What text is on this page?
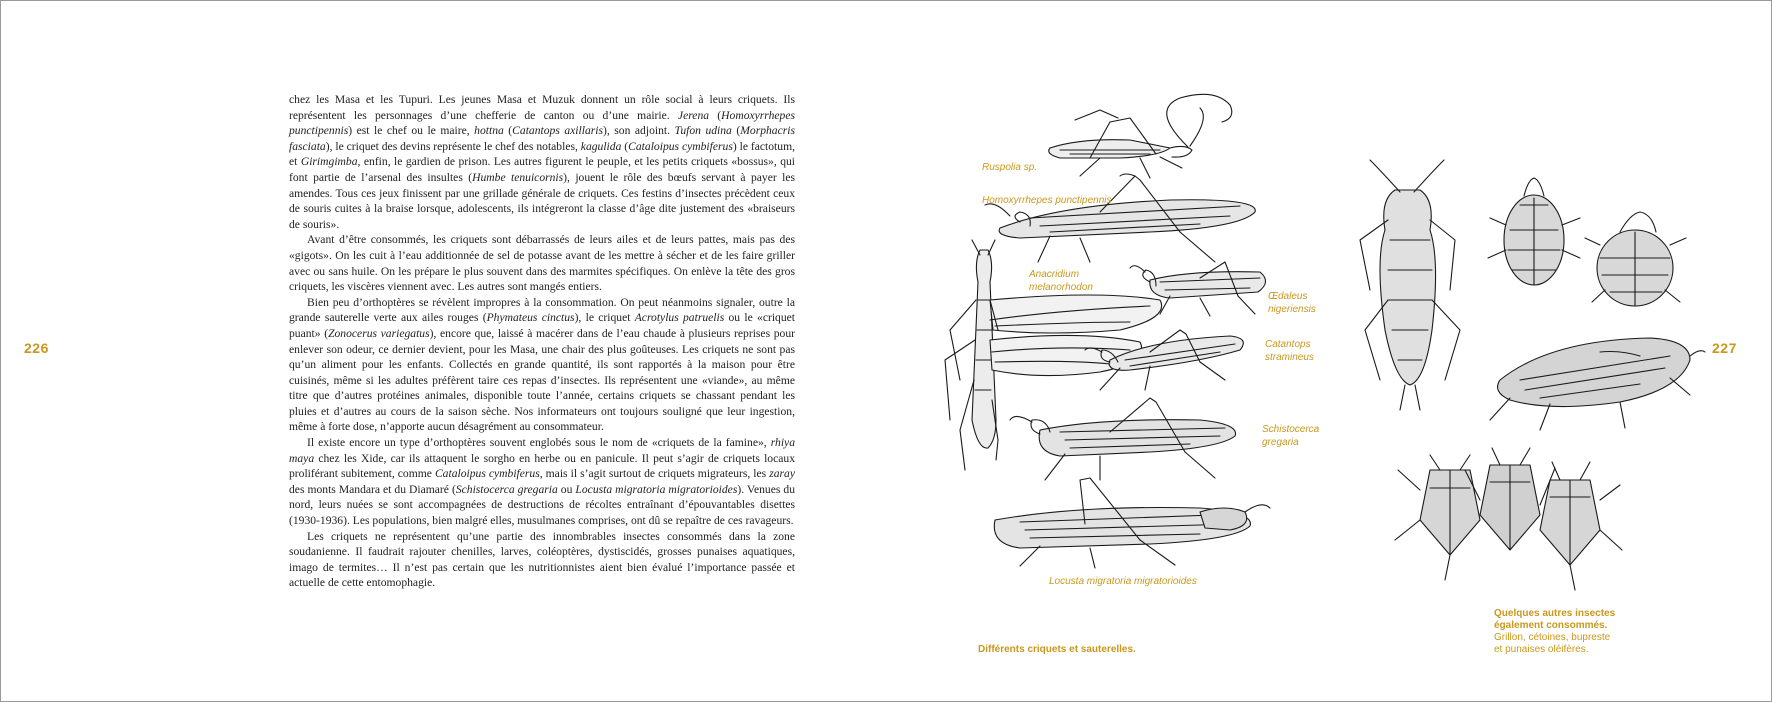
226	227

chez les Masa et les Tupuri. Les jeunes Masa et Muzuk donnent un rôle social à leurs criquets. Ils représentent les personnages d’une chefferie de canton ou d’une mairie. Jerena (Homoxyrrhepes punctipennis) est le chef ou le maire, hottna (Catantops axillaris), son adjoint. Tufon udina (Morphacris fasciata), le criquet des devins représente le chef des notables, kagulida (Cataloipus cymbiferus) le factotum, et Girimgimba, enfin, le gardien de prison. Les autres figurent le peuple, et les petits criquets «bossus», qui font partie de l’arsenal des insultes (Humbe tenuicornis), jouent le rôle des bœufs servant à payer les amendes. Tous ces jeux finissent par une grillade générale de criquets. Ces festins d’insectes précèdent ceux de souris cuites à la braise lorsque, adolescents, ils intégreront la classe d’âge dite justement des «braiseurs de souris».

Avant d’être consommés, les criquets sont débarrassés de leurs ailes et de leurs pattes, mais pas des «gigots». On les cuit à l’eau additionnée de sel de potasse avant de les mettre à sécher et de les faire griller avec ou sans huile. On les prépare le plus souvent dans des marmites spécifiques. On enlève la tête des gros criquets, les viscères viennent avec. Les autres sont mangés entiers.

Bien peu d’orthoptères se révèlent impropres à la consommation. On peut néanmoins signaler, outre la grande sauterelle verte aux ailes rouges (Phymateus cinctus), le criquet Acrotylus patruelis ou le «criquet puant» (Zonocerus variegatus), encore que, laissé à macérer dans de l’eau chaude à plusieurs reprises pour enlever son odeur, ce dernier devient, pour les Masa, une chair des plus goûteuses. Les criquets ne sont pas qu’un aliment pour les enfants. Collectés en grande quantité, ils sont rapportés à la maison pour être cuisinés, même si les adultes préfèrent taire ces repas d’insectes. Ils représentent une «viande», au même titre que d’autres protéines animales, disponible toute l’année, certains criquets se chassant pendant les pluies et d’autres au cours de la saison sèche. Nos informateurs ont toujours souligné que leur ingestion, même à forte dose, n’apporte aucun désagrément au consommateur.

Il existe encore un type d’orthoptères souvent englobés sous le nom de «criquets de la famine», rhiya maya chez les Xide, car ils attaquent le sorgho en herbe ou en panicule. Il peut s’agir de criquets locaux proliférant subitement, comme Cataloipus cymbiferus, mais il s’agit surtout de criquets migrateurs, les zaray des monts Mandara et du Diamaré (Schistocerca gregaria ou Locusta migratoria migratorioides). Venues du nord, leurs nuées se sont accompagnées de destructions de récoltes entraînant d’épouvantables disettes (1930-1936). Les populations, bien malgré elles, musulmanes comprises, ont dû se repaître de ces ravageurs.

Les criquets ne représentent qu’une partie des innombrables insectes consommés dans la zone soudanienne. Il faudrait rajouter chenilles, larves, coléoptères, dystiscidés, grosses punaises aquatiques, imago de termites… Il n’est pas certain que les nutritionnistes aient bien évalué l’importance passée et actuelle de cette entomophagie.

Ruspolia sp.
Homoxyrrhepes punctipennis
Anacridium
melanorhodon
Œdaleus
nigeriensis
Catantops
stramineus
Schistocerca
gregaria
Locusta migratoria migratorioides
Différents criquets et sauterelles.
Quelques autres insectes
également consommés.
Grillon, cétoines, bupreste
et punaises oléifères.
